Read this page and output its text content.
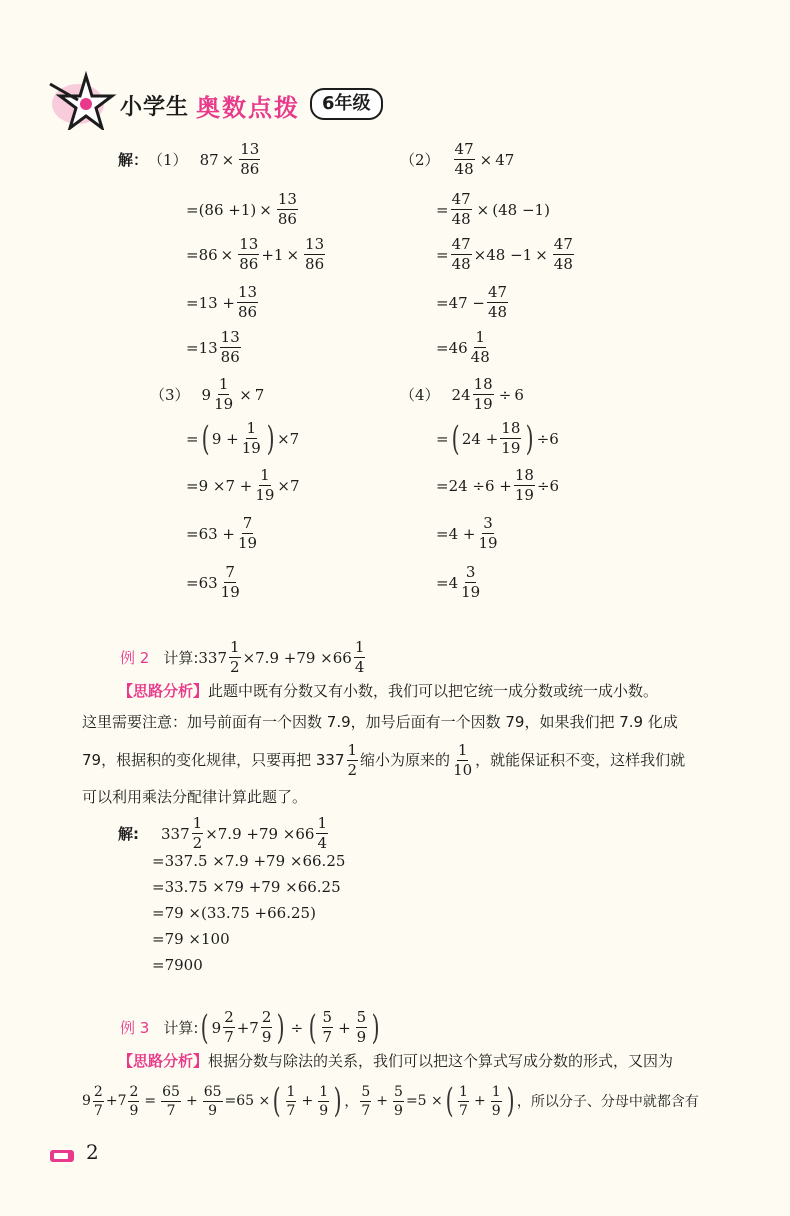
小学生 奥数点拨	6年级
解： （1） $87 \times \frac{13}{86}$
$=(86 +1) \times \frac{13}{86}$
$=86 \times \frac{13}{86} +1 \times \frac{13}{86}$
$=13 + \frac{13}{86}$
$=13 \frac{13}{86}$
$(2) \frac{47}{48} \times 47$
= $\frac{47}{48} \times (48 -1)$
= $\frac{47}{48} \times 48 -1 \times \frac{47}{48}$
$=47 - \frac{47}{48}$
$=46 \frac{1}{48}$
（3） $9 \frac{1}{19} \times 7$
= ( $9 + \frac{1}{19}$ ) ×7
$=9 \times 7 + \frac{1}{19} \times 7$
$=63 + \frac{7}{19}$
$=63 \frac{7}{19}$
（4） $24 \frac{18}{19} \div 6$
= ( $24 + \frac{18}{19}$ ) ÷6
$=24 \div 6 + \frac{18}{19} \div 6$
$=4 + \frac{3}{19}$
$=4 \frac{3}{19}$
例 2 计算: $337 \frac{1}{2} \times 7.9 +79 \times 66 \frac{1}{4}$
【思路分析】 此题中既有分数又有小数，我们可以把它统一成分数或统一成小数。
这里需要注意：加号前面有一个因数 7.9，加号后面有一个因数 79，如果我们把 7.9 化成
79，根据积的变化规律，只要再把 $337 \frac{1}{2}$ 缩小为原来的 $\frac{1}{10}$ ，就能保证积不变，这样我们就
可以利用乘法分配律计算此题了。
解: $337 \frac{1}{2} \times 7.9 +79 \times 66 \frac{1}{4}$
=337.5 ×7.9 +79 ×66.25
=33.75 ×79 +79 ×66.25
=79 ×(33.75 +66.25)
=79 ×100
=7900
例 3 计算: ( $9 \frac{2}{7} +7 \frac{2}{9}$ ) ÷ ( $\frac{5}{7} + \frac{5}{9}$ )
【思路分析】 根据分数与除法的关系，我们可以把这个算式写成分数的形式，又因为
$9 \frac{2}{7} +7 \frac{2}{9} = \frac{65}{7} + \frac{65}{9} =65$ × ( $\frac{1}{7} + \frac{1}{9}$ ) ， $\frac{5}{7} + \frac{5}{9} =5$ × ( $\frac{1}{7} + \frac{1}{9}$ ) ，所以分子、分母中就都含有
2
